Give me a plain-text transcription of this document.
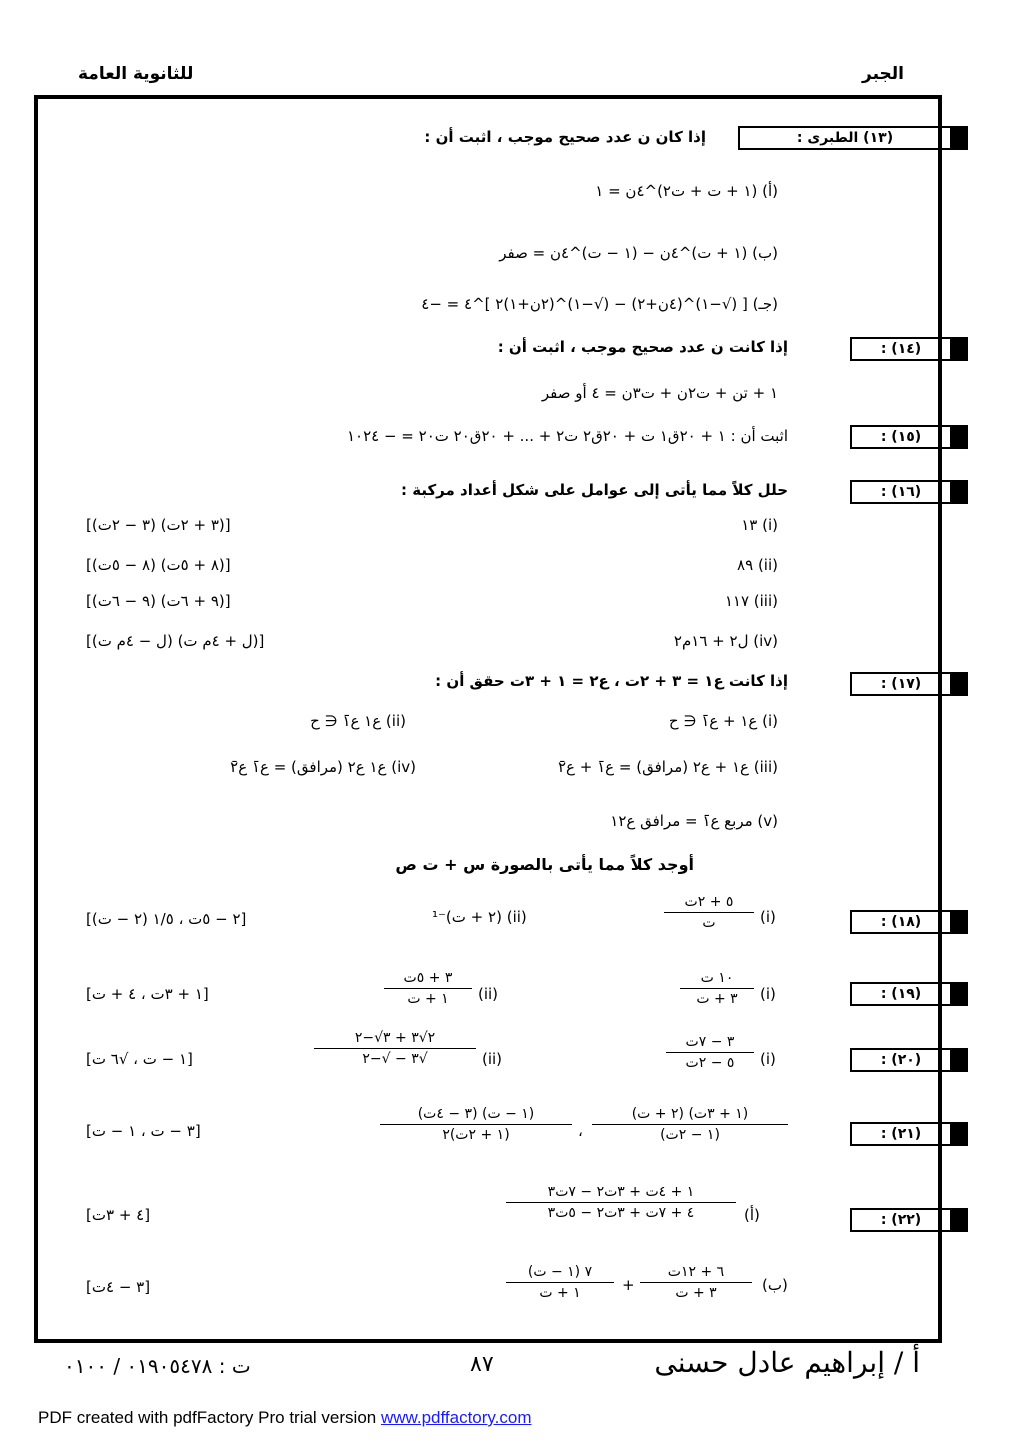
للثانوية العامة	الجبر
(١٣) الطبرى :
إذا كان ن عدد صحيح موجب ، اثبت أن :
(أ) (١ + ت + ت٢)^٤ن = ١
(ب) (١ + ت)^٤ن − (١ − ت)^٤ن = صفر
(جـ) [ (√−١)^(٤ن+٢) − (√−١)^(٢ن+١)٢ ]^٤ = −٤
(١٤) :
إذا كانت ن عدد صحيح موجب ، اثبت أن :
١ + تن + ت٢ن + ت٣ن = ٤ أو صفر
(١٥) :
اثبت أن : ١ + ٢٠ق١ ت + ٢٠ق٢ ت٢ + ... + ٢٠ق٢٠ ت٢٠ = − ١٠٢٤
(١٦) :
حلل كلاً مما يأتى إلى عوامل على شكل أعداد مركبة :
(i) ١٣
[(٣ + ٢ت) (٣ − ٢ت)]
(ii) ٨٩
[(٨ + ٥ت) (٨ − ٥ت)]
(iii) ١١٧
[(٩ + ٦ت) (٩ − ٦ت)]
(iv) ل٢ + ١٦م٢
[(ل + ٤م ت) (ل − ٤م ت)]
(١٧) :
إذا كانت ع١ = ٣ + ٢ت ، ع٢ = ١ + ٣ت حقق أن :
(i) ع١ + ع̄١ ∈ ح
(ii) ع١ ع̄١ ∈ ح
(iii) ع١ + ع٢ (مرافق) = ع̄١ + ع̄٢
(iv) ع١ ع٢ (مرافق) = ع̄١ ع̄٢
(v) مربع ع̄١ = مرافق ع١٢
أوجد كلاً مما يأتى بالصورة س + ت ص
(١٨) :
(i)
٥ + ٢ت
ت
(ii) (٢ + ت)⁻¹
[٢ − ٥ت ، ١/٥ (٢ − ت)]
(١٩) :
(i)
١٠ ت
٣ + ت
(ii)
٣ + ٥ت
١ + ت
[١ + ٣ت ، ٤ + ت]
(٢٠) :
(i)
٣ − ٧ت
٥ − ٢ت
(ii)
٢√٣ + ٣√−٢
√٣ − √−٢
[١ − ت ، √٦ ت]
(٢١) :
(١ + ٣ت) (٢ + ت)
(١ − ٢ت)
،
(١ − ت) (٣ − ٤ت)
(١ + ٢ت)٢
[٣ − ت ، ١ − ت]
(٢٢) :
(أ)
١ + ٤ت + ٣ت٢ − ٧ت٣
٤ + ٧ت + ٣ت٢ − ٥ت٣
[٤ + ٣ت]
(ب)
٦ + ١٢ت
٣ + ت
+
٧ (١ − ت)
١ + ت
[٣ − ٤ت]
ت : ٠١٩٠٥٤٧٨ / ٠١٠٠	٨٧	أ / إبراهيم عادل حسنى
PDF created with pdfFactory Pro trial version www.pdffactory.com
